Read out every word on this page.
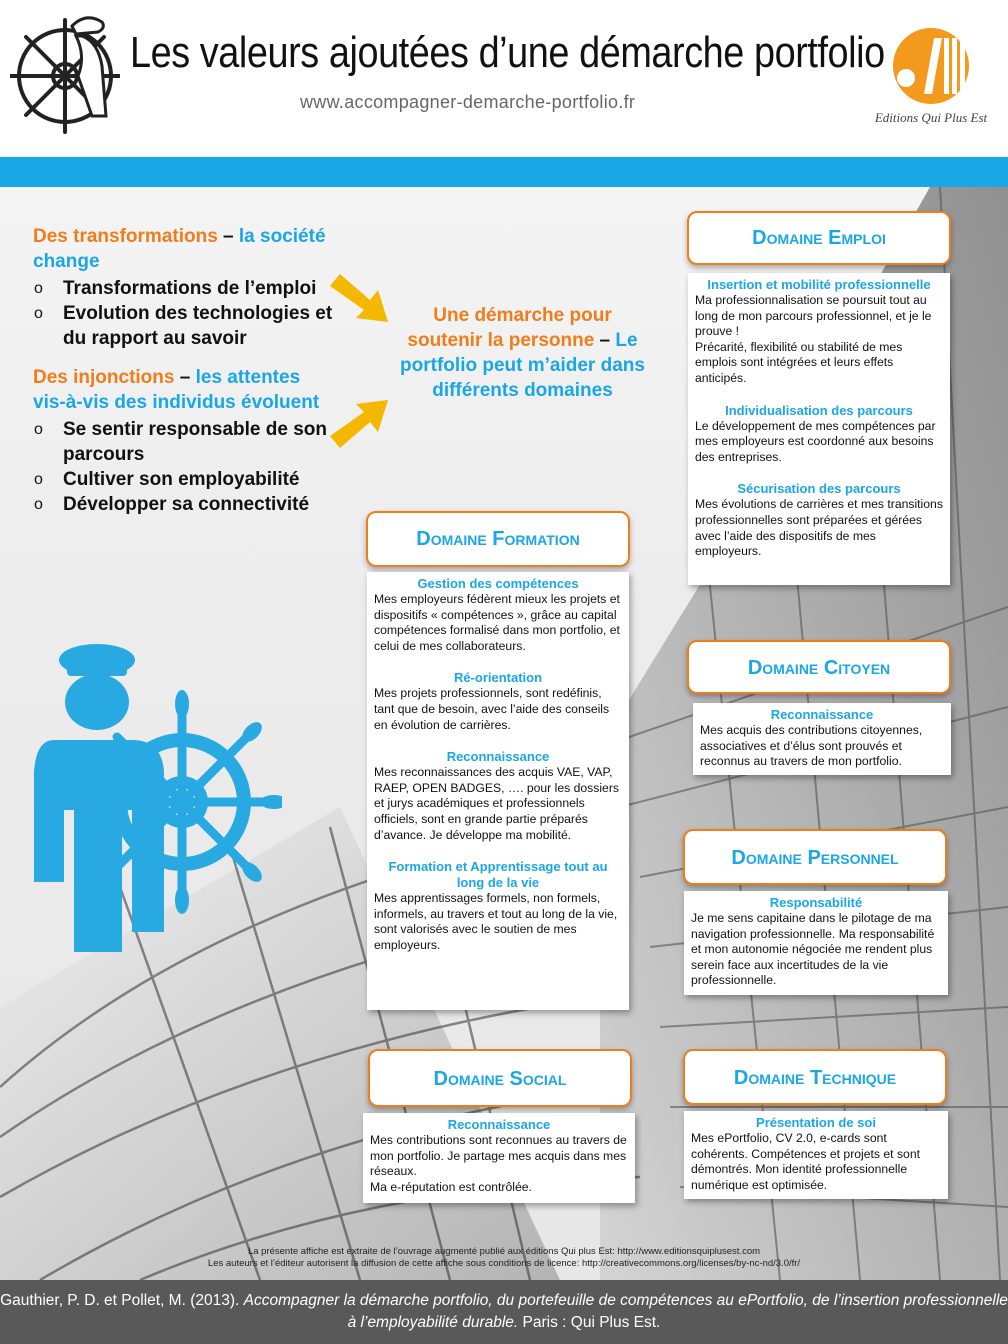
Les valeurs ajoutées d’une démarche portfolio
www.accompagner-demarche-portfolio.fr
Editions Qui Plus Est
Des transformations – la société change
o Transformations de l’emploi
o Evolution des technologies et du rapport au savoir
Des injonctions – les attentes vis-à-vis des individus évoluent
o Se sentir responsable de son parcours
o Cultiver son employabilité
o Développer sa connectivité
Une démarche pour soutenir la personne – Le portfolio peut m’aider dans différents domaines
Domaine Emploi
Insertion et mobilité professionnelle
Ma professionnalisation se poursuit tout au long de mon parcours professionnel, et je le prouve !
Précarité, flexibilité ou stabilité de mes emplois sont intégrées et leurs effets anticipés.
Individualisation des parcours
Le développement de mes compétences par mes employeurs est coordonné aux besoins des entreprises.
Sécurisation des parcours
Mes évolutions de carrières et mes transitions professionnelles sont préparées et gérées avec l’aide des dispositifs de mes employeurs.
Domaine Formation
Gestion des compétences
Mes employeurs fédèrent mieux les projets et dispositifs « compétences », grâce au capital compétences formalisé dans mon portfolio, et celui de mes collaborateurs.
Ré-orientation
Mes projets professionnels, sont redéfinis, tant que de besoin, avec l’aide des conseils en évolution de carrières.
Reconnaissance
Mes reconnaissances des acquis VAE, VAP, RAEP, OPEN BADGES, …. pour les dossiers et jurys académiques et professionnels officiels, sont en grande partie préparés d’avance. Je développe ma mobilité.
Formation et Apprentissage tout au long de la vie
Mes apprentissages formels, non formels, informels, au travers et tout au long de la vie, sont valorisés avec le soutien de mes employeurs.
Domaine Citoyen
Reconnaissance
Mes acquis des contributions citoyennes, associatives et d’élus sont prouvés et reconnus au travers de mon portfolio.
Domaine Personnel
Responsabilité
Je me sens capitaine dans le pilotage de ma navigation professionnelle. Ma responsabilité et mon autonomie négociée me rendent plus serein face aux incertitudes de la vie professionnelle.
Domaine Social
Reconnaissance
Mes contributions sont reconnues au travers de mon portfolio. Je partage mes acquis dans mes réseaux.
Ma e-réputation est contrôlée.
Domaine Technique
Présentation de soi
Mes ePortfolio, CV 2.0, e-cards sont cohérents. Compétences et projets et sont démontrés. Mon identité professionnelle numérique est optimisée.
La présente affiche est extraite de l’ouvrage augmenté publié aux éditions Qui plus Est: http://www.editionsquiplusest.com
Les auteurs et l’éditeur autorisent la diffusion de cette affiche sous conditions de licence: http://creativecommons.org/licenses/by-nc-nd/3.0/fr/
Gauthier, P. D. et Pollet, M. (2013). Accompagner la démarche portfolio, du portefeuille de compétences au ePortfolio, de l’insertion professionnelle à l’employabilité durable. Paris : Qui Plus Est.
